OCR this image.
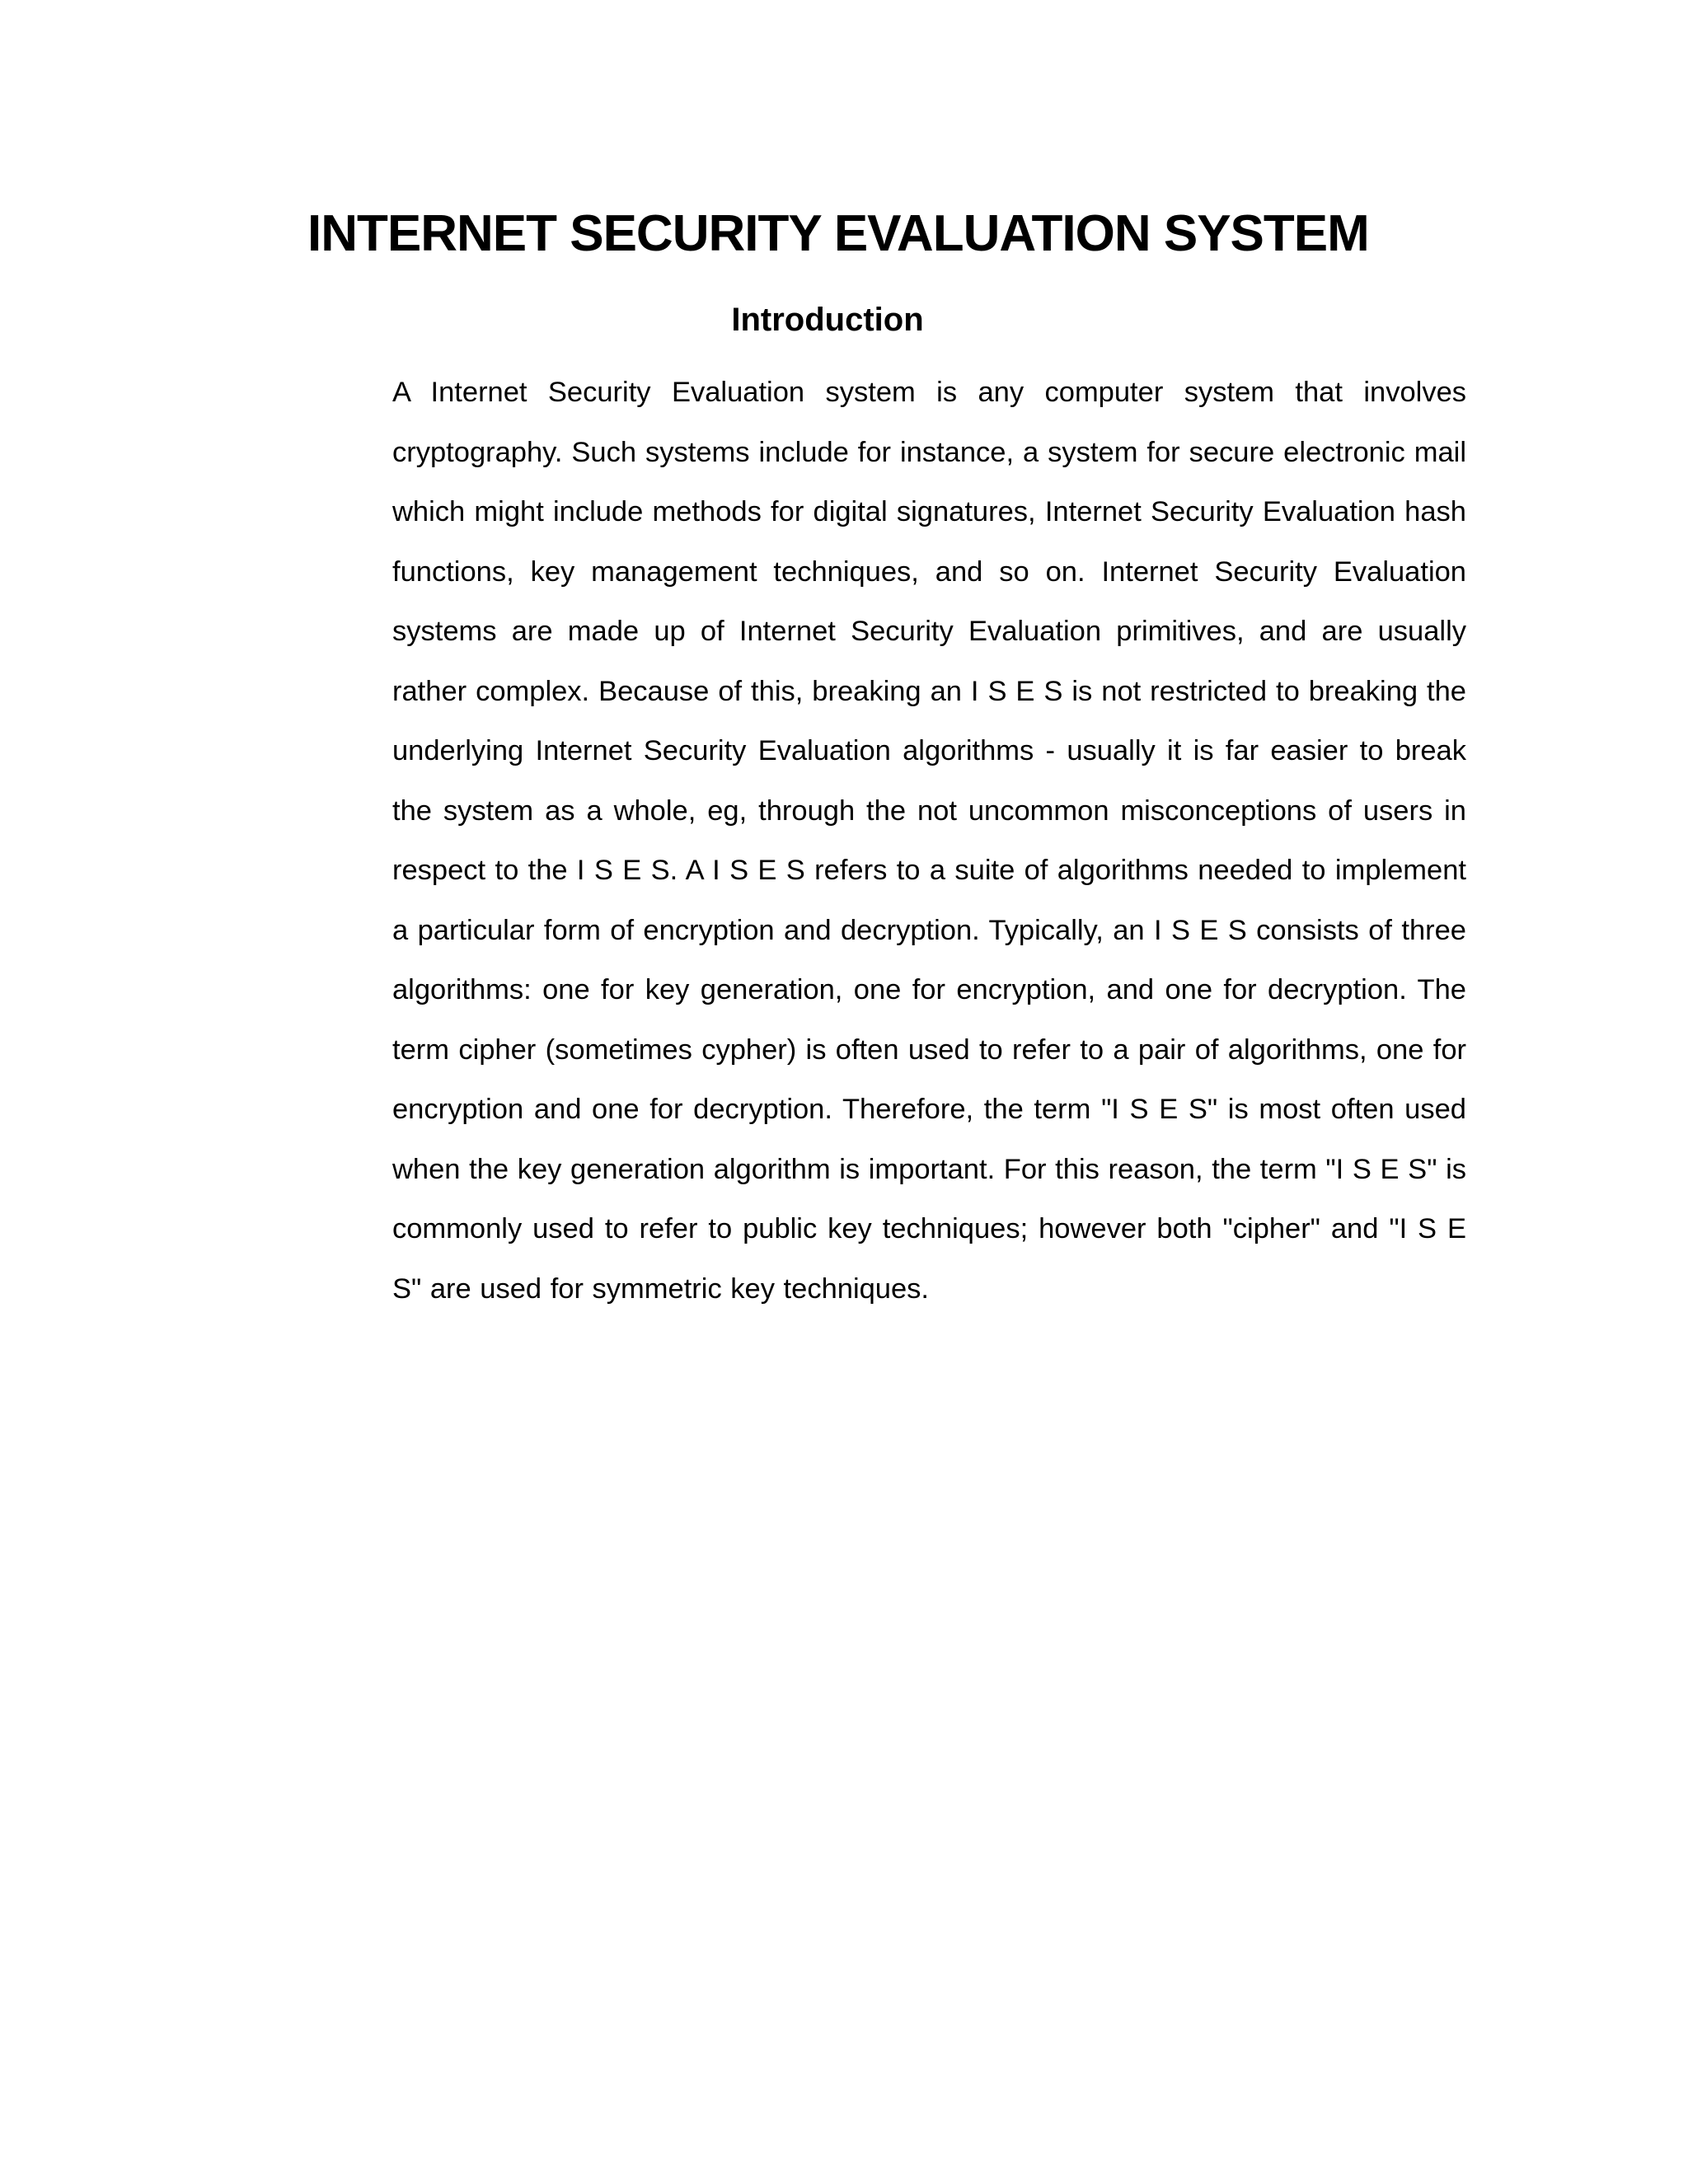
INTERNET SECURITY EVALUATION SYSTEM
Introduction

A Internet Security Evaluation system is any computer system that involves cryptography. Such systems include for instance, a system for secure electronic mail which might include methods for digital signatures, Internet Security Evaluation hash functions, key management techniques, and so on. Internet Security Evaluation systems are made up of Internet Security Evaluation primitives, and are usually rather complex. Because of this, breaking an I S E S is not restricted to breaking the underlying Internet Security Evaluation algorithms - usually it is far easier to break the system as a whole, eg, through the not uncommon misconceptions of users in respect to the I S E S. A I S E S refers to a suite of algorithms needed to implement a particular form of encryption and decryption. Typically, an I S E S consists of three algorithms: one for key generation, one for encryption, and one for decryption. The term cipher (sometimes cypher) is often used to refer to a pair of algorithms, one for encryption and one for decryption. Therefore, the term "I S E S" is most often used when the key generation algorithm is important. For this reason, the term "I S E S" is commonly used to refer to public key techniques; however both "cipher" and "I S E S" are used for symmetric key techniques.
